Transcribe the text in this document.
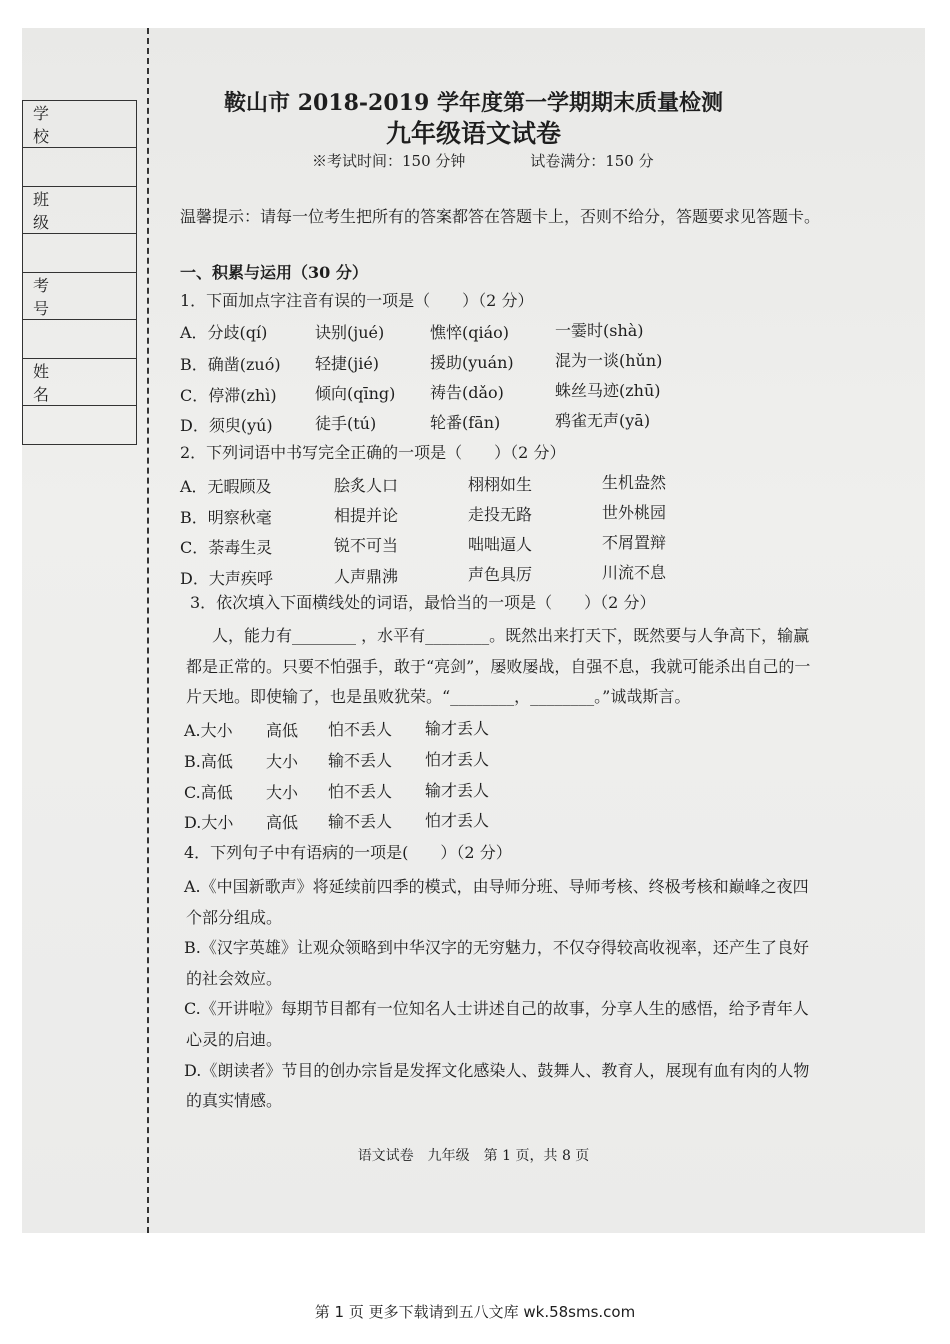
学 校

班 级

考 号

姓 名

鞍山市 2018-2019 学年度第一学期期末质量检测
九年级语文试卷
※考试时间：150 分钟	试卷满分：150 分
温馨提示：请每一位考生把所有的答案都答在答题卡上，否则不给分，答题要求见答题卡。
一、积累与运用（30 分）
1．下面加点字注音有误的一项是（　　）（2 分）
A．分歧(qí)	诀别(jué)	憔悴(qiáo)	一霎时(shà)
B．确凿(zuó) 轻捷(jié)	援助(yuán)	混为一谈(hǔn)
C．停滞(zhì) 倾向(qīng) 祷告(dǎo)	蛛丝马迹(zhū)
D．须臾(yú)	徒手(tú)	轮番(fān)	鸦雀无声(yā)
2．下列词语中书写完全正确的一项是（　　）（2 分）
A．无暇顾及	脍炙人口	栩栩如生	生机盎然
B．明察秋毫	相提并论	走投无路	世外桃园
C．荼毒生灵	锐不可当	咄咄逼人	不屑置辩
D．大声疾呼	人声鼎沸	声色具厉	川流不息
3．依次填入下面横线处的词语，最恰当的一项是（　　）（2 分）
　　人，能力有________ ，水平有________。既然出来打天下，既然要与人争高下，输赢
都是正常的。只要不怕强手，敢于“亮剑”，屡败屡战，自强不息，我就可能杀出自己的一
片天地。即使输了，也是虽败犹荣。“________，________。”诚哉斯言。
A.大小 高低 怕不丢人 输才丢人
B.高低 大小 输不丢人 怕才丢人
C.高低 大小 怕不丢人 输才丢人
D.大小 高低 输不丢人 怕才丢人
4．下列句子中有语病的一项是(　　）（2 分）
A.《中国新歌声》将延续前四季的模式，由导师分班、导师考核、终极考核和巅峰之夜四
个部分组成。
B.《汉字英雄》让观众领略到中华汉字的无穷魅力，不仅夺得较高收视率，还产生了良好
的社会效应。
C.《开讲啦》每期节目都有一位知名人士讲述自己的故事，分享人生的感悟，给予青年人
心灵的启迪。
D.《朗读者》节目的创办宗旨是发挥文化感染人、鼓舞人、教育人，展现有血有肉的人物
的真实情感。
语文试卷　九年级　第 1 页，共 8 页
第 1 页 更多下载请到五八文库 wk.58sms.com
